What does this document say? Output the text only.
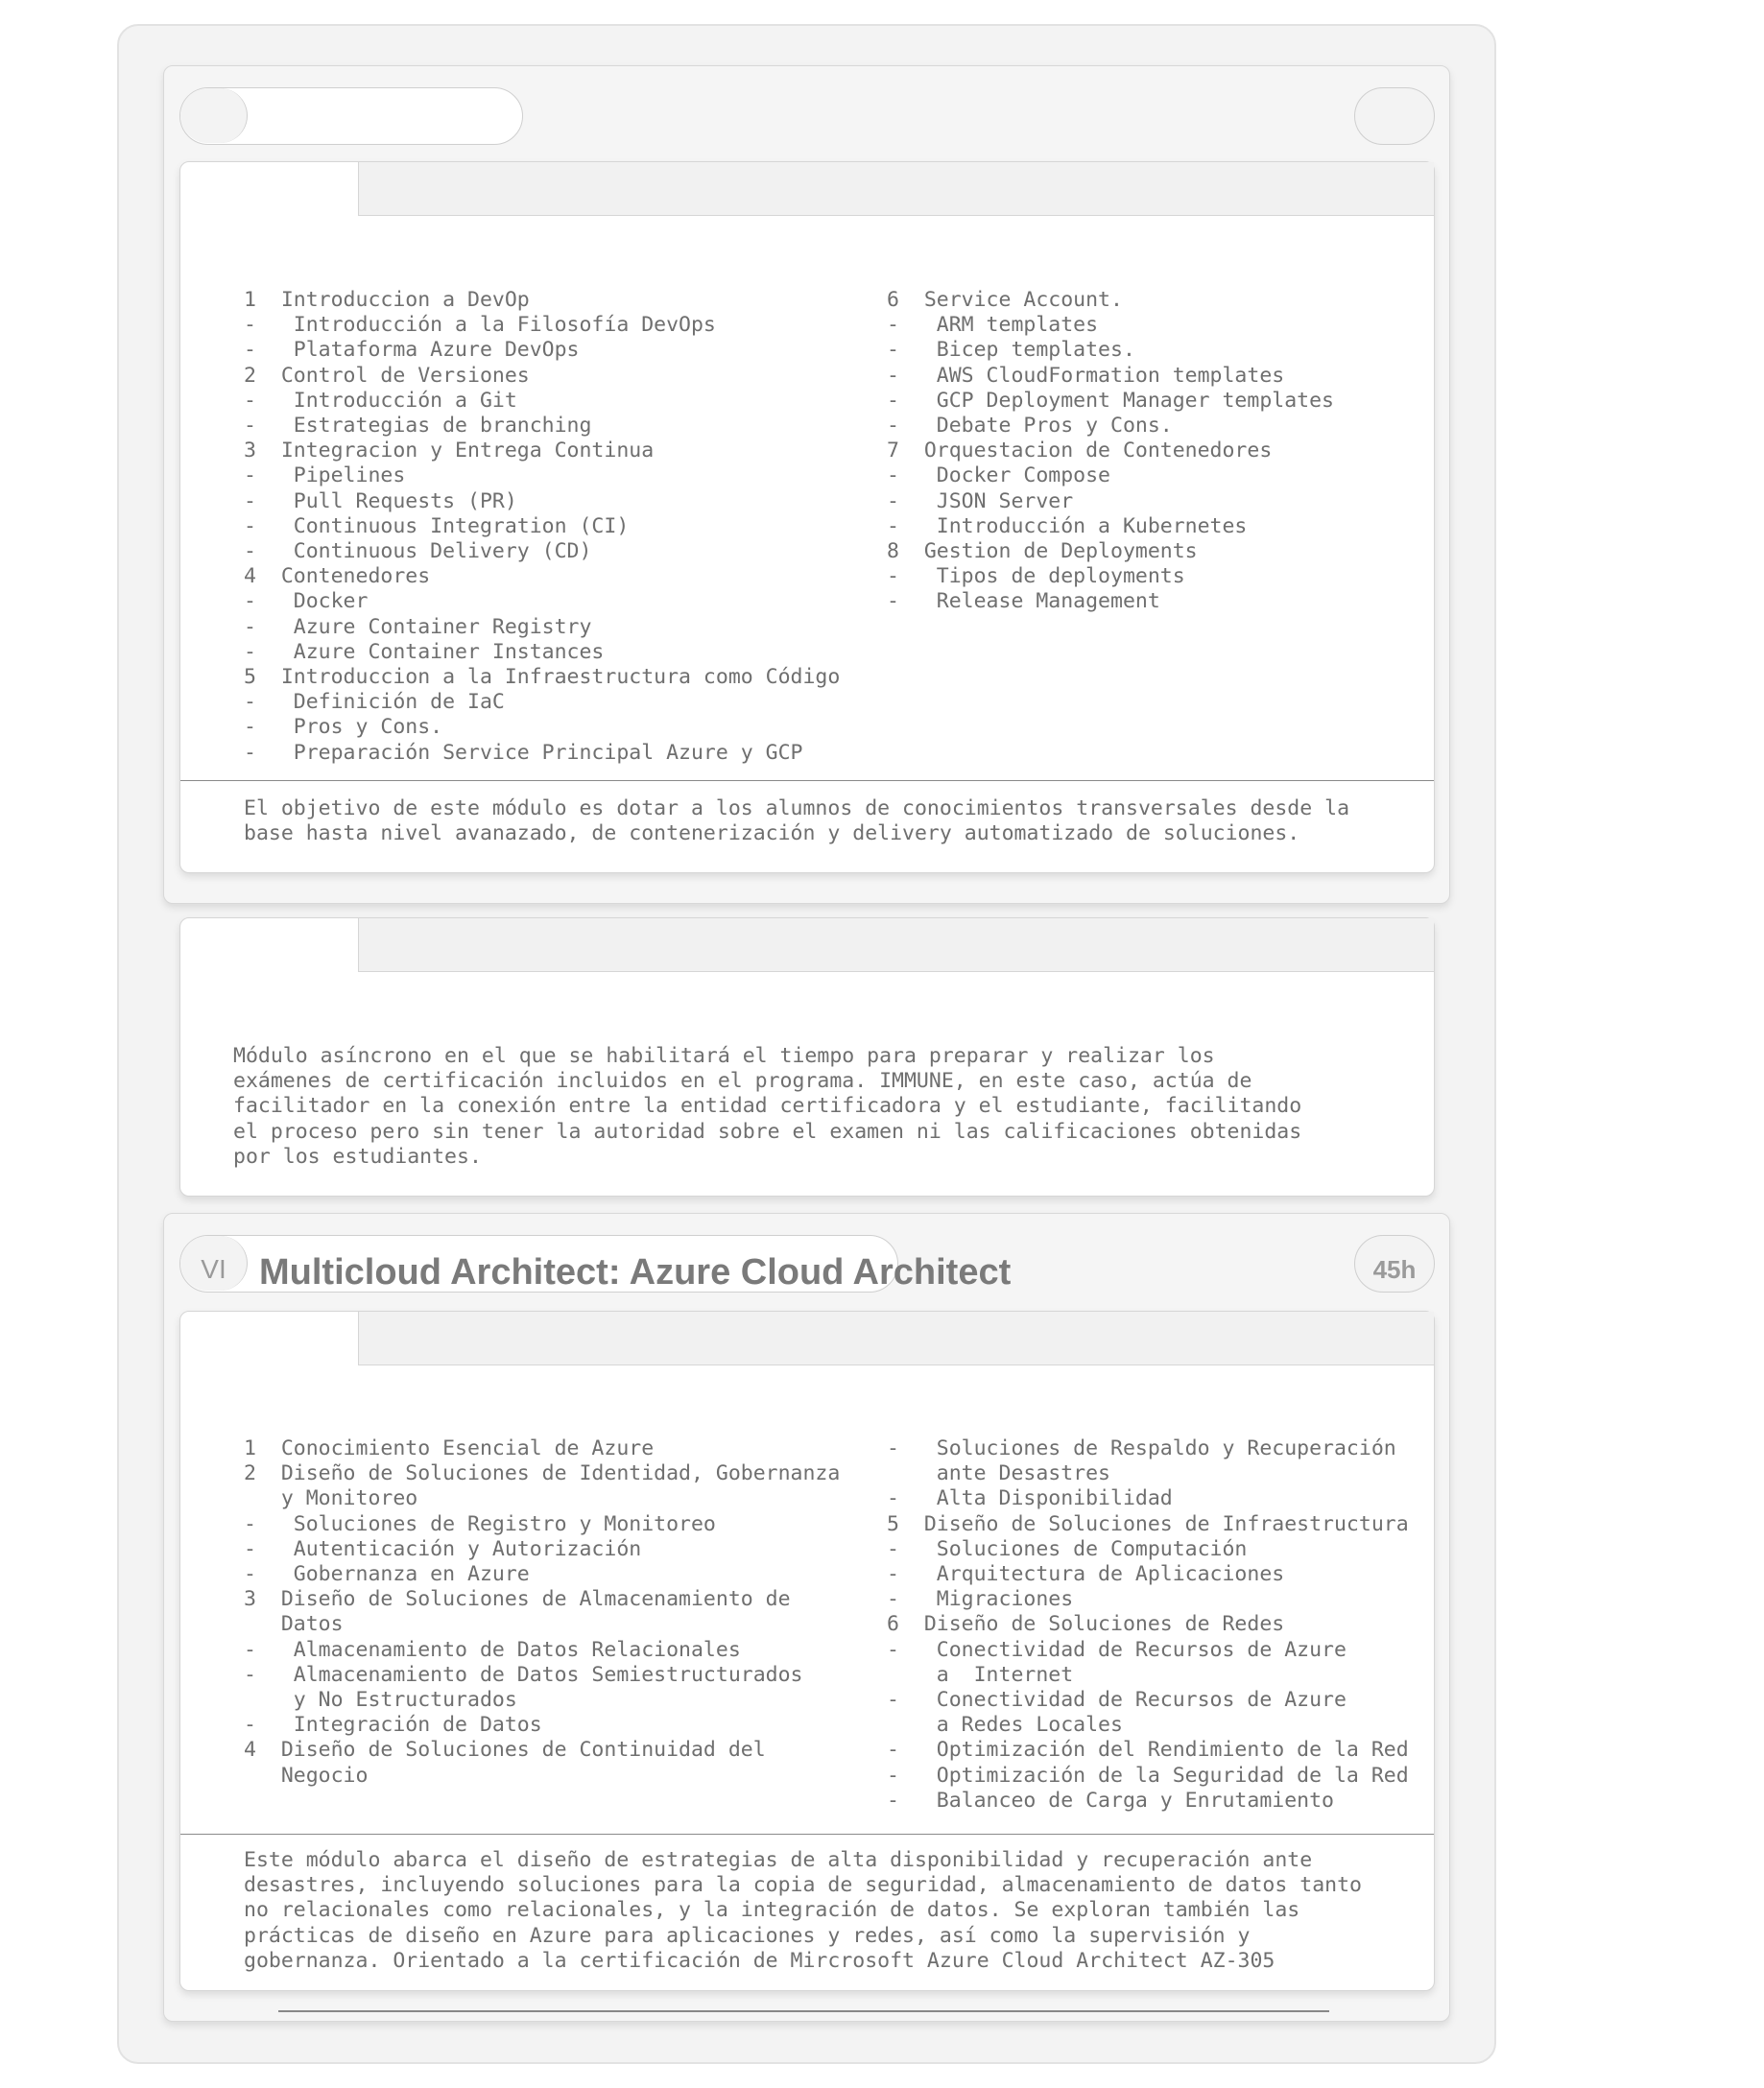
1  Introduccion a DevOp
-   Introducción a la Filosofía DevOps
-   Plataforma Azure DevOps
2  Control de Versiones
-   Introducción a Git
-   Estrategias de branching
3  Integracion y Entrega Continua
-   Pipelines
-   Pull Requests (PR)
-   Continuous Integration (CI)
-   Continuous Delivery (CD)
4  Contenedores
-   Docker
-   Azure Container Registry
-   Azure Container Instances
5  Introduccion a la Infraestructura como Código
-   Definición de IaC
-   Pros y Cons.
-   Preparación Service Principal Azure y GCP
6  Service Account.
-   ARM templates
-   Bicep templates.
-   AWS CloudFormation templates
-   GCP Deployment Manager templates
-   Debate Pros y Cons.
7  Orquestacion de Contenedores
-   Docker Compose
-   JSON Server
-   Introducción a Kubernetes
8  Gestion de Deployments
-   Tipos de deployments
-   Release Management
El objetivo de este módulo es dotar a los alumnos de conocimientos transversales desde la
base hasta nivel avanazado, de contenerización y delivery automatizado de soluciones.
Módulo asíncrono en el que se habilitará el tiempo para preparar y realizar los
exámenes de certificación incluidos en el programa. IMMUNE, en este caso, actúa de
facilitador en la conexión entre la entidad certificadora y el estudiante, facilitando
el proceso pero sin tener la autoridad sobre el examen ni las calificaciones obtenidas
por los estudiantes.
VI Multicloud Architect: Azure Cloud Architect	45h
1  Conocimiento Esencial de Azure
2  Diseño de Soluciones de Identidad, Gobernanza
y Monitoreo
-   Soluciones de Registro y Monitoreo
-   Autenticación y Autorización
-   Gobernanza en Azure
3  Diseño de Soluciones de Almacenamiento de
Datos
-   Almacenamiento de Datos Relacionales
-   Almacenamiento de Datos Semiestructurados
y No Estructurados
-   Integración de Datos
4  Diseño de Soluciones de Continuidad del
Negocio
-   Soluciones de Respaldo y Recuperación
ante Desastres
-   Alta Disponibilidad
5  Diseño de Soluciones de Infraestructura
-   Soluciones de Computación
-   Arquitectura de Aplicaciones
-   Migraciones
6  Diseño de Soluciones de Redes
-   Conectividad de Recursos de Azure
a  Internet
-   Conectividad de Recursos de Azure
a Redes Locales
-   Optimización del Rendimiento de la Red
-   Optimización de la Seguridad de la Red
-   Balanceo de Carga y Enrutamiento
Este módulo abarca el diseño de estrategias de alta disponibilidad y recuperación ante
desastres, incluyendo soluciones para la copia de seguridad, almacenamiento de datos tanto
no relacionales como relacionales, y la integración de datos. Se exploran también las
prácticas de diseño en Azure para aplicaciones y redes, así como la supervisión y
gobernanza. Orientado a la certificación de Mircrosoft Azure Cloud Architect AZ-305
